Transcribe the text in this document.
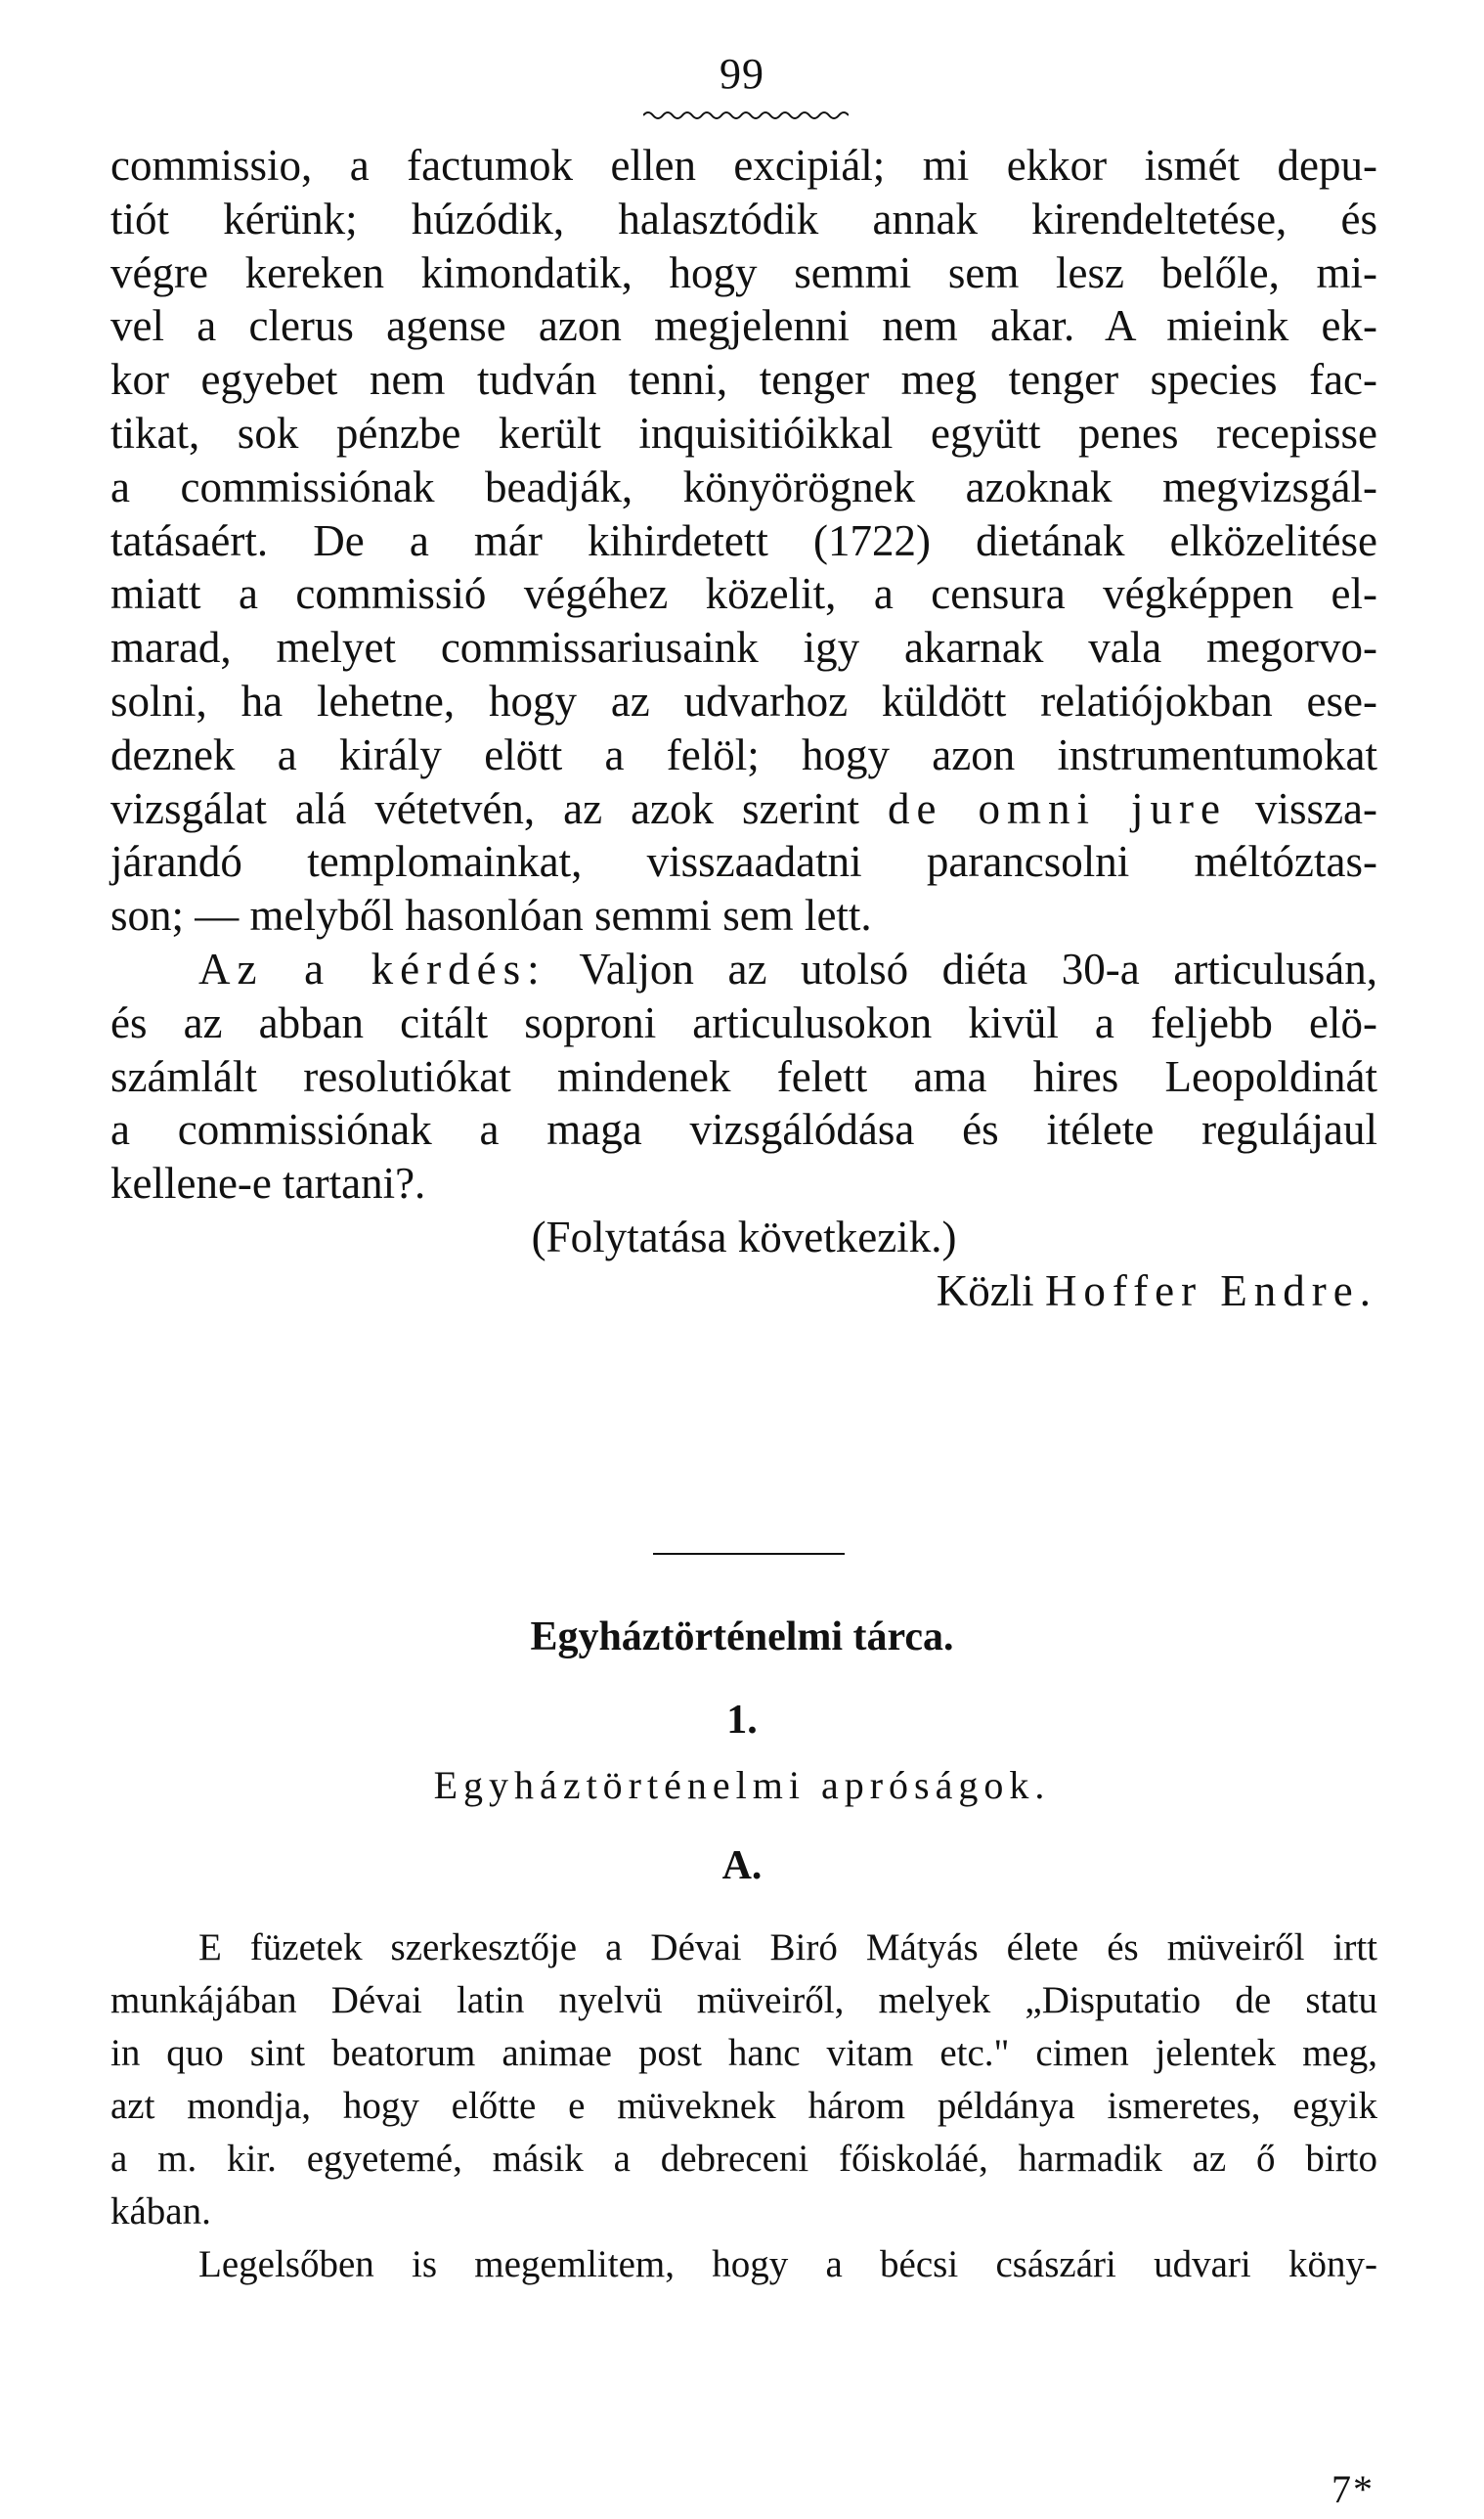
99
commissio, a factumok ellen excipiál; mi ekkor ismét depu-
tiót kérünk; húzódik, halasztódik annak kirendeltetése, és
végre kereken kimondatik, hogy semmi sem lesz belőle, mi-
vel a clerus agense azon megjelenni nem akar. A mieink ek-
kor egyebet nem tudván tenni, tenger meg tenger species fac-
tikat, sok pénzbe került inquisitióikkal együtt penes recepisse
a commissiónak beadják, könyörögnek azoknak megvizsgál-
tatásaért. De a már kihirdetett (1722) dietának elközelitése
miatt a commissió végéhez közelit, a censura végképpen el-
marad, melyet commissariusaink igy akarnak vala megorvo-
solni, ha lehetne, hogy az udvarhoz küldött relatiójokban ese-
deznek a király elött a felöl; hogy azon instrumentumokat
vizsgálat alá vétetvén, az azok szerint de omni jure vissza-
járandó templomainkat, visszaadatni parancsolni méltóztas-
son; — melyből hasonlóan semmi sem lett.
Az a kérdés: Valjon az utolsó diéta 30-a articulusán,
és az abban citált soproni articulusokon kivül a feljebb elö-
számlált resolutiókat mindenek felett ama hires Leopoldinát
a commissiónak a maga vizsgálódása és itélete regulájaul
kellene-e tartani?.
(Folytatása következik.)
Közli Hoffer Endre.
Egyháztörténelmi tárca.
1.
Egyháztörténelmi apróságok.
A.
E füzetek szerkesztője a Dévai Biró Mátyás élete és müveiről irtt
munkájában Dévai latin nyelvü müveiről, melyek „Disputatio de statu
in quo sint beatorum animae post hanc vitam etc." cimen jelentek meg,
azt mondja, hogy előtte e müveknek három példánya ismeretes, egyik
a m. kir. egyetemé, másik a debreceni főiskoláé, harmadik az ő birto
kában.
Legelsőben is megemlitem, hogy a bécsi császári udvari köny-
7*
